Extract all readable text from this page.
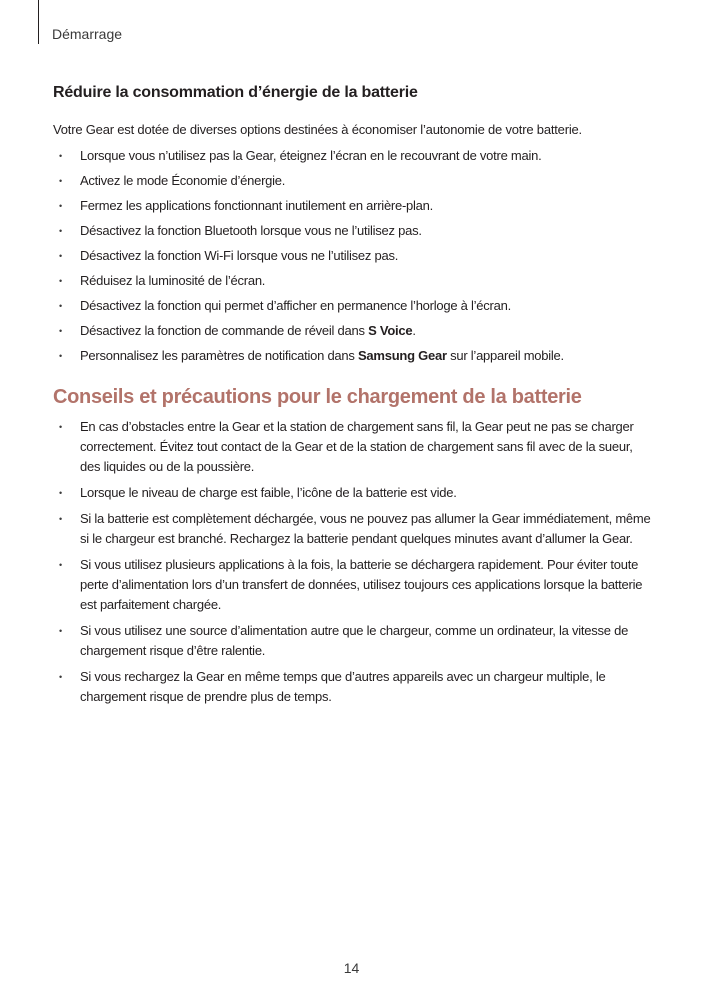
Démarrage
Réduire la consommation d’énergie de la batterie

Votre Gear est dotée de diverses options destinées à économiser l’autonomie de votre batterie.

• Lorsque vous n’utilisez pas la Gear, éteignez l’écran en le recouvrant de votre main.
• Activez le mode Économie d’énergie.
• Fermez les applications fonctionnant inutilement en arrière-plan.
• Désactivez la fonction Bluetooth lorsque vous ne l’utilisez pas.
• Désactivez la fonction Wi-Fi lorsque vous ne l’utilisez pas.
• Réduisez la luminosité de l’écran.
• Désactivez la fonction qui permet d’afficher en permanence l’horloge à l’écran.
• Désactivez la fonction de commande de réveil dans S Voice.
• Personnalisez les paramètres de notification dans Samsung Gear sur l’appareil mobile.
Conseils et précautions pour le chargement de la batterie
• En cas d’obstacles entre la Gear et la station de chargement sans fil, la Gear peut ne pas se charger correctement. Évitez tout contact de la Gear et de la station de chargement sans fil avec de la sueur, des liquides ou de la poussière.
• Lorsque le niveau de charge est faible, l’icône de la batterie est vide.
• Si la batterie est complètement déchargée, vous ne pouvez pas allumer la Gear immédiatement, même si le chargeur est branché. Rechargez la batterie pendant quelques minutes avant d’allumer la Gear.
• Si vous utilisez plusieurs applications à la fois, la batterie se déchargera rapidement. Pour éviter toute perte d’alimentation lors d’un transfert de données, utilisez toujours ces applications lorsque la batterie est parfaitement chargée.
• Si vous utilisez une source d’alimentation autre que le chargeur, comme un ordinateur, la vitesse de chargement risque d’être ralentie.
• Si vous rechargez la Gear en même temps que d’autres appareils avec un chargeur multiple, le chargement risque de prendre plus de temps.
14
